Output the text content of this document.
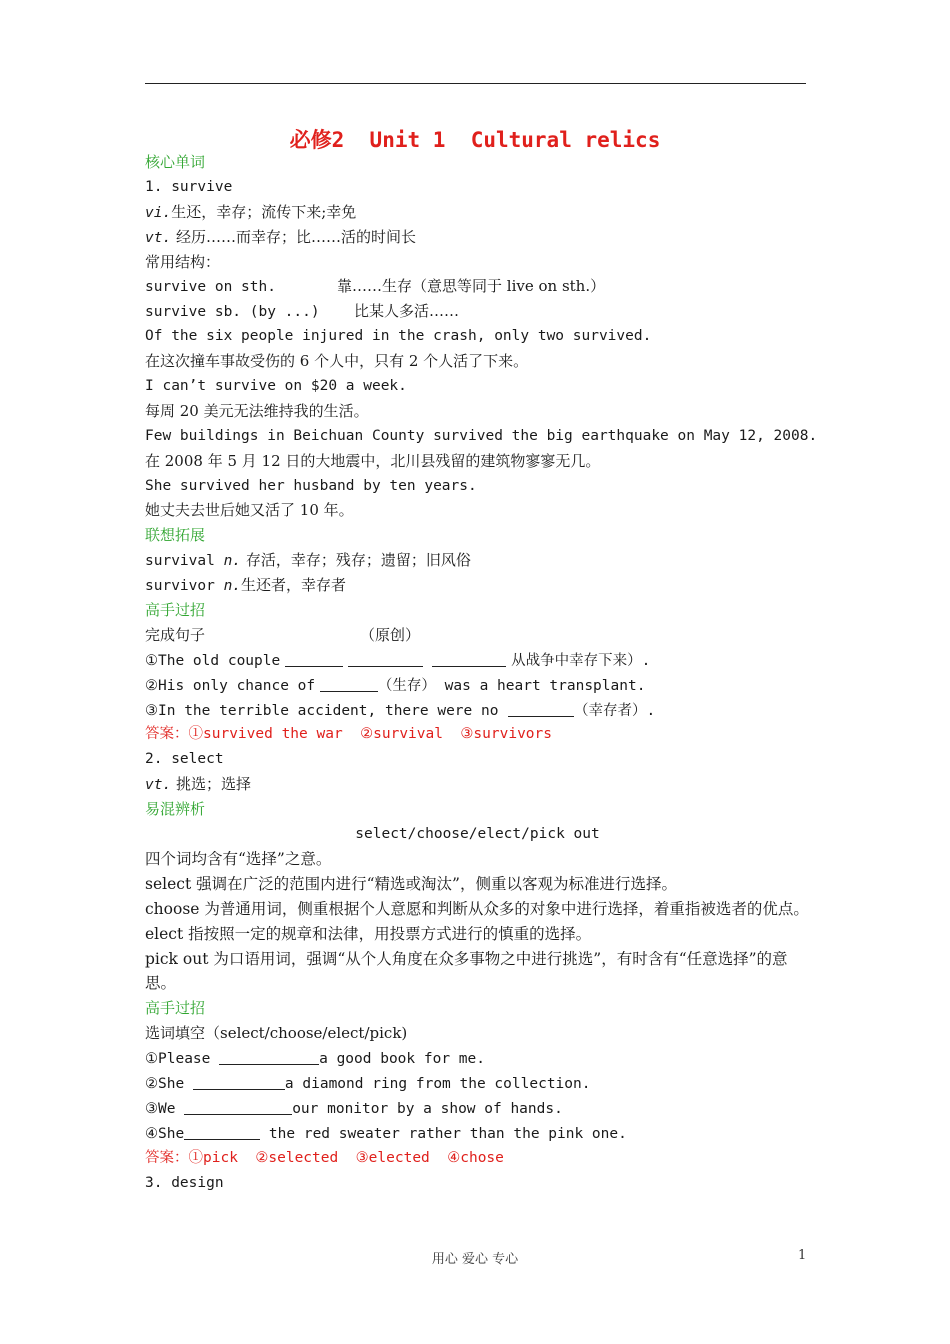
必修2  Unit 1  Cultural relics
核心单词
1. survive
vi.生还，幸存；流传下来;幸免
vt. 经历……而幸存；比……活的时间长
常用结构：
survive on sth.	靠……生存（意思等同于 live on sth.）
survive sb. (by ...) 比某人多活……
Of the six people injured in the crash, only two survived.
在这次撞车事故受伤的 6 个人中，只有 2 个人活了下来。
I can’t survive on $20 a week.
每周 20 美元无法维持我的生活。
Few buildings in Beichuan County survived the big earthquake on May 12, 2008.
在 2008 年 5 月 12 日的大地震中，北川县残留的建筑物寥寥无几。
She survived her husband by ten years.
她丈夫去世后她又活了 10 年。
联想拓展
survival n. 存活，幸存；残存；遗留；旧风俗
survivor n.生还者，幸存者
高手过招
完成句子	（原创）
①The old couple	从战争中幸存下来）.
②His only chance of	（生存） was a heart transplant.
③In the terrible accident, there were no	（幸存者）.
答案：①survived the war  ②survival  ③survivors
2. select
vt. 挑选；选择
易混辨析
select/choose/elect/pick out
四个词均含有“选择”之意。
select 强调在广泛的范围内进行“精选或淘汰”，侧重以客观为标准进行选择。
choose 为普通用词，侧重根据个人意愿和判断从众多的对象中进行选择，着重指被选者的优点。
elect 指按照一定的规章和法律，用投票方式进行的慎重的选择。
pick out 为口语用词，强调“从个人角度在众多事物之中进行挑选”，有时含有“任意选择”的意思。
高手过招
选词填空（select/choose/elect/pick)
①Please	a good book for me.
②She	a diamond ring from the collection.
③We	our monitor by a show of hands.
④She	the red sweater rather than the pink one.
答案：①pick  ②selected  ③elected  ④chose
3. design
用心 爱心 专心	1
